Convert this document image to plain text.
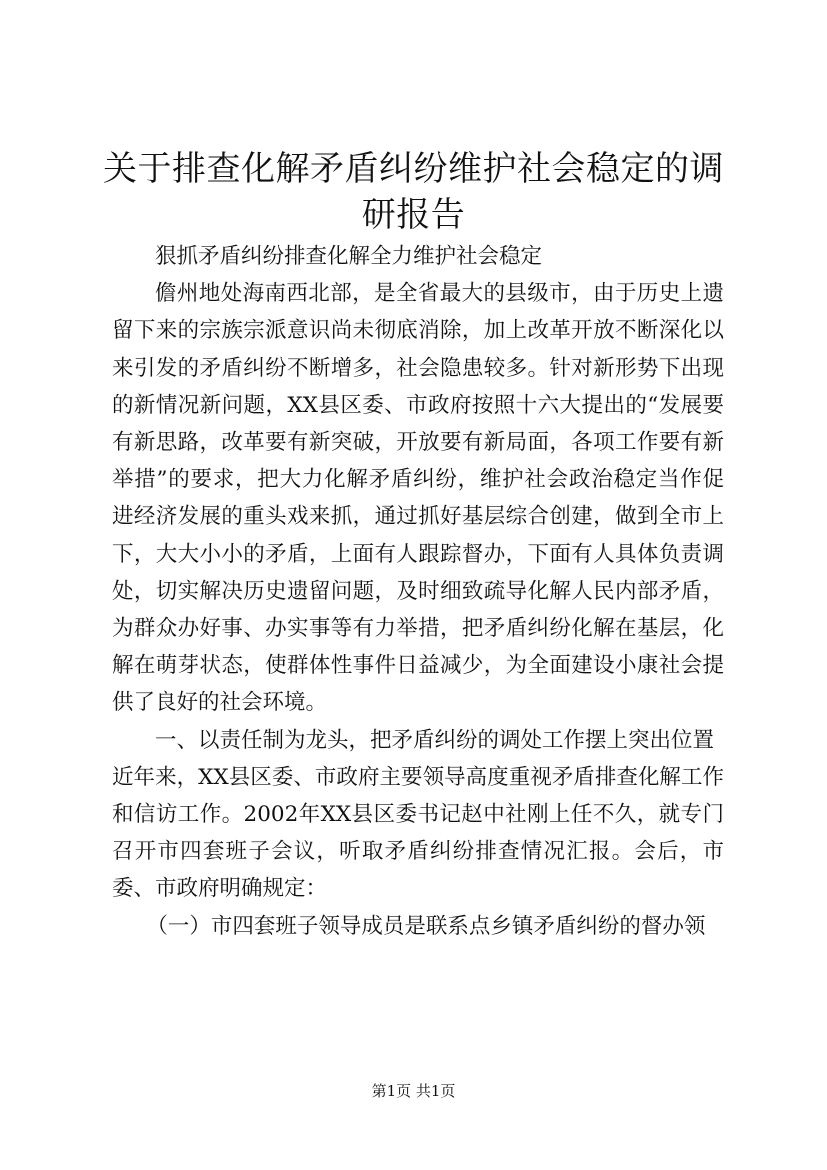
关于排查化解矛盾纠纷维护社会稳定的调研报告

狠抓矛盾纠纷排查化解全力维护社会稳定

儋州地处海南西北部，是全省最大的县级市，由于历史上遗留下来的宗族宗派意识尚未彻底消除，加上改革开放不断深化以来引发的矛盾纠纷不断增多，社会隐患较多。针对新形势下出现的新情况新问题，XX县区委、市政府按照十六大提出的“发展要有新思路，改革要有新突破，开放要有新局面，各项工作要有新举措”的要求，把大力化解矛盾纠纷，维护社会政治稳定当作促进经济发展的重头戏来抓，通过抓好基层综合创建，做到全市上下，大大小小的矛盾，上面有人跟踪督办，下面有人具体负责调处，切实解决历史遗留问题，及时细致疏导化解人民内部矛盾，为群众办好事、办实事等有力举措，把矛盾纠纷化解在基层，化解在萌芽状态，使群体性事件日益减少，为全面建设小康社会提供了良好的社会环境。

一、以责任制为龙头，把矛盾纠纷的调处工作摆上突出位置

近年来，XX县区委、市政府主要领导高度重视矛盾排查化解工作和信访工作。2002年XX县区委书记赵中社刚上任不久，就专门召开市四套班子会议，听取矛盾纠纷排查情况汇报。会后，市委、市政府明确规定：

（一）市四套班子领导成员是联系点乡镇矛盾纠纷的督办领

第1页 共1页
